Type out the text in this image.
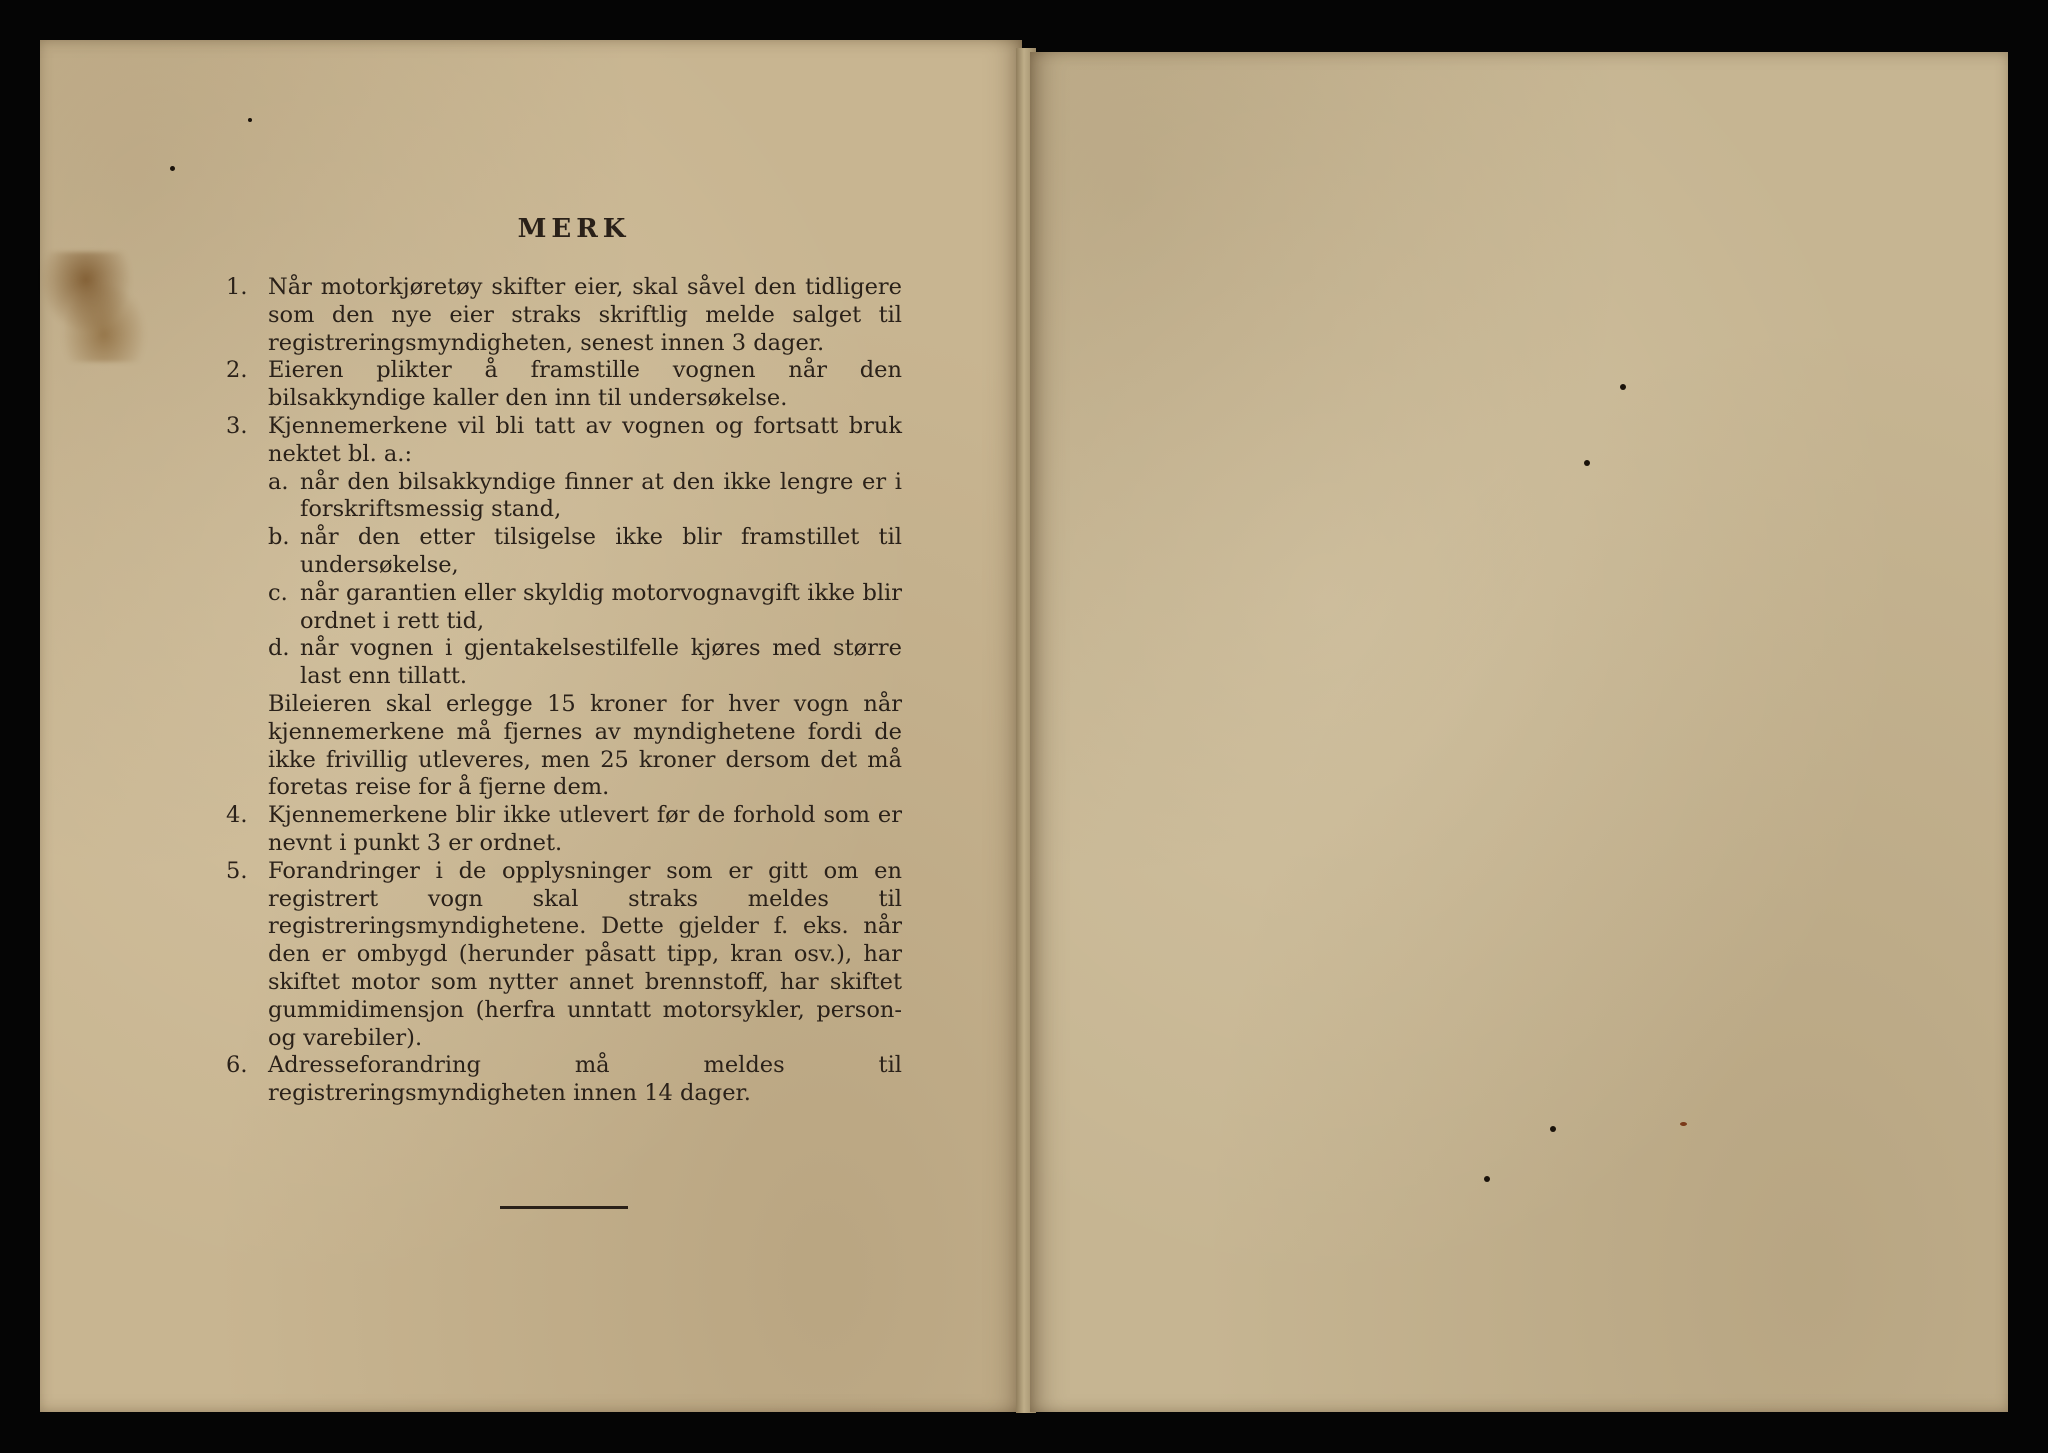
MERK
1. Når motorkjøretøy skifter eier, skal såvel den tidligere som den nye eier straks skriftlig melde salget til registreringsmyndigheten, senest innen 3 dager.
2. Eieren plikter å framstille vognen når den bilsakkyndige kaller den inn til undersøkelse.
3. Kjennemerkene vil bli tatt av vognen og fortsatt bruk nektet bl. a.:
a. når den bilsakkyndige finner at den ikke lengre er i forskriftsmessig stand,
b. når den etter tilsigelse ikke blir framstillet til undersøkelse,
c. når garantien eller skyldig motorvognavgift ikke blir ordnet i rett tid,
d. når vognen i gjentakelsestilfelle kjøres med større last enn tillatt.
Bileieren skal erlegge 15 kroner for hver vogn når kjennemerkene må fjernes av myndighetene fordi de ikke frivillig utleveres, men 25 kroner dersom det må foretas reise for å fjerne dem.
4. Kjennemerkene blir ikke utlevert før de forhold som er nevnt i punkt 3 er ordnet.
5. Forandringer i de opplysninger som er gitt om en registrert vogn skal straks meldes til registreringsmyndighetene. Dette gjelder f. eks. når den er ombygd (herunder påsatt tipp, kran osv.), har skiftet motor som nytter annet brennstoff, har skiftet gummidimensjon (herfra unntatt motorsykler, person- og varebiler).
6. Adresseforandring må meldes til registreringsmyndigheten innen 14 dager.
